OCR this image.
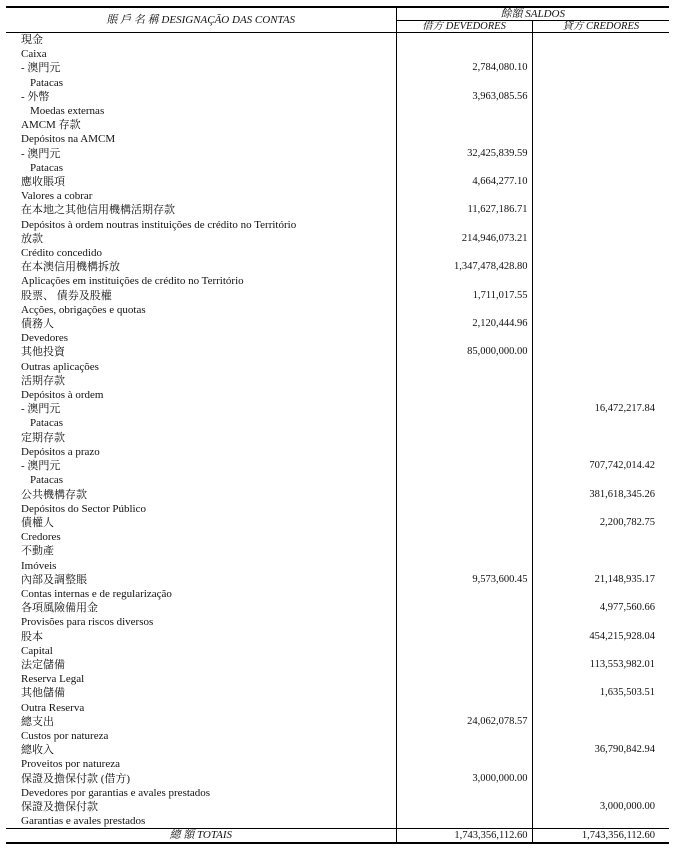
賬 戶 名 稱 DESIGNAÇÃO DAS CONTAS	餘額 SALDOS	
	借方 DEVEDORES	貸方 CREDORES
現金		
Caixa		
- 澳門元	2,784,080.10	
Patacas		
- 外幣	3,963,085.56	
Moedas externas		
AMCM 存款		
Depósitos na AMCM		
- 澳門元	32,425,839.59	
Patacas		
應收賬項	4,664,277.10	
Valores a cobrar		
在本地之其他信用機構活期存款	11,627,186.71	
Depósitos à ordem noutras instituições de crédito no Território		
放款	214,946,073.21	
Crédito concedido		
在本澳信用機構拆放	1,347,478,428.80	
Aplicações em instituições de crédito no Território		
股票、 債券及股權	1,711,017.55	
Acções, obrigações e quotas		
債務人	2,120,444.96	
Devedores		
其他投資	85,000,000.00	
Outras aplicações		
活期存款		
Depósitos à ordem		
- 澳門元		16,472,217.84
Patacas		
定期存款		
Depósitos a prazo		
- 澳門元		707,742,014.42
Patacas		
公共機構存款		381,618,345.26
Depósitos do Sector Público		
債權人		2,200,782.75
Credores		
不動產		
Imóveis		
內部及調整賬	9,573,600.45	21,148,935.17
Contas internas e de regularização		
各項風險備用金		4,977,560.66
Provisões para riscos diversos		
股本		454,215,928.04
Capital		
法定儲備		113,553,982.01
Reserva Legal		
其他儲備		1,635,503.51
Outra Reserva		
總支出	24,062,078.57	
Custos por natureza		
總收入		36,790,842.94
Proveitos por natureza		
保證及擔保付款 (借方)	3,000,000.00	
Devedores por garantias e avales prestados		
保證及擔保付款		3,000,000.00
Garantias e avales prestados		
總 額 TOTAIS	1,743,356,112.60	1,743,356,112.60
